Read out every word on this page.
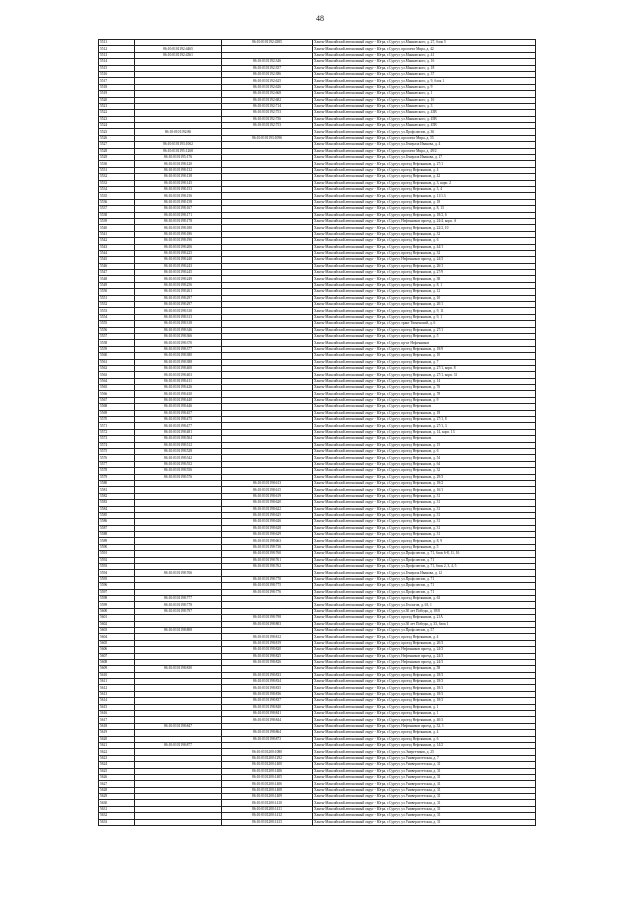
48
5511		86:10:0101192:4385	Ханты-Мансийский автономный округ - Югра, г.Сургут, ул.Маяковского, д. 27, блок 5
5512	86:10:0101192:4465		Ханты-Мансийский автономный округ - Югра, г.Сургут, проспект Мира, д. 42
5513	86:10:0101192:4361		Ханты-Мансийский автономный округ - Югра, г.Сургут, ул.Маяковского, д. 41
5514		86:10:0101192:346	Ханты-Мансийский автономный округ - Югра, г.Сургут, ул.Маяковского, д. 16
5515		86:10:0101192:357	Ханты-Мансийский автономный округ - Югра, г.Сургут, ул.Маяковского, д. 18
5516		86:10:0101192:386	Ханты-Мансийский автономный округ - Югра, г.Сургут, ул.Маяковского, д. 37
5517		86:10:0101192:625	Ханты-Мансийский автономный округ - Югра, г.Сургут, ул.Маяковского, д. 9, блок 1
5518		86:10:0101192:626	Ханты-Мансийский автономный округ - Югра, г.Сургут, ул.Маяковского, д. 9
5519		86:10:0101192:668	Ханты-Мансийский автономный округ - Югра, г.Сургут, ул.Маяковского, д. 1
5520		86:10:0101192:682	Ханты-Мансийский автономный округ - Югра, г.Сургут, ул.Маяковского, д. 16
5521		86:10:0101192:714	Ханты-Мансийский автономный округ - Югра, г.Сургут, ул.Маяковского, д. 3
5522		86:10:0101192:753	Ханты-Мансийский автономный округ - Югра, г.Сургут, ул.Маяковского, д. 43В
5523		86:10:0101192:756	Ханты-Мансийский автономный округ - Югра, г.Сургут, ул.Маяковского, д. 45В
5524		86:10:0101192:753	Ханты-Мансийский автономный округ - Югра, г.Сургут, ул.Маяковского, д. 45В
5525	86:10:0101192:86		Ханты-Мансийский автономный округ - Югра, г.Сургут, ул.Профсоюзов, д. 36
5526		86:10:0101193:1096	Ханты-Мансийский автономный округ - Югра, г.Сургут, проспект Мира, д. 55
5527	86:10:0101193:1062		Ханты-Мансийский автономный округ - Югра, г.Сургут, ул.Генерала Иванова, д. 4
5528	86:10:0101195:1268		Ханты-Мансийский автономный округ - Югра, г.Сургут, проспект Мира, д. 49/2
5529	86:10:0101195:176		Ханты-Мансийский автономный округ - Югра, г.Сургут, ул.Генерала Иванова, д. 17
5530	86:10:0101198:120		Ханты-Мансийский автономный округ - Югра, г.Сургут, проезд Нефтяников, д. 27/1
5531	86:10:0101198:132		Ханты-Мансийский автономный округ - Югра, г.Сургут, проезд Нефтяников, д. 4
5532	86:10:0101198:138		Ханты-Мансийский автономный округ - Югра, г.Сургут, проезд Нефтяников, д. 42
5533	86:10:0101198:145		Ханты-Мансийский автономный округ - Югра, г.Сургут, проезд Нефтяников, д. 3, корп. 2
5534	86:10:0101198:153		Ханты-Мансийский автономный округ - Югра, г.Сургут, проезд Нефтяников, д. 3, 4
5535	86:10:0101198:156		Ханты-Мансийский автономный округ - Югра, г.Сургут, проезд Нефтяников, д. 11/1.3
5536	86:10:0101198:158		Ханты-Мансийский автономный округ - Югра, г.Сургут, проезд Нефтяников, д. 18
5537	86:10:0101198:167		Ханты-Мансийский автономный округ - Югра, г.Сургут, проезд Нефтяников, д. 8, 13
5538	86:10:0101198:171		Ханты-Мансийский автономный округ - Югра, г.Сургут, проезд Нефтяников, д. 18/2, 6
5539	86:10:0101198:178		Ханты-Мансийский автономный округ - Югра, г.Сургут, Нефтяников проезд, д. 24/4, корп. А
5540	86:10:0101198:180		Ханты-Мансийский автономный округ - Югра, г.Сургут, проезд Нефтяников, д. 22/2, 10
5541	86:10:0101198:186		Ханты-Мансийский автономный округ - Югра, г.Сургут, проезд Нефтяников, д. 32
5542	86:10:0101198:196		Ханты-Мансийский автономный округ - Югра, г.Сургут, проезд Нефтяников, д. 6
5543	86:10:0101198:206		Ханты-Мансийский автономный округ - Югра, г.Сургут, проезд Нефтяников, д. 44/1
5544	86:10:0101198:225		Ханты-Мансийский автономный округ - Югра, г.Сургут, проезд Нефтяников, д. 32
5545	86:10:0101198:240		Ханты-Мансийский автономный округ - Югра, г.Сургут, Нефтяников проезд, д. 24/3
5546	86:10:0101198:243		Ханты-Мансийский автономный округ - Югра, г.Сургут, проезд Нефтяников, д. 26/1
5547	86:10:0101198:245		Ханты-Мансийский автономный округ - Югра, г.Сургут, проезд Нефтяников, д. 27/9
5548	86:10:0101198:249		Ханты-Мансийский автономный округ - Югра, г.Сургут, проезд Нефтяников, д. 38
5549	86:10:0101198:256		Ханты-Мансийский автономный округ - Югра, г.Сургут, проезд Нефтяников, д. 8, 1
5550	86:10:0101198:261		Ханты-Мансийский автономный округ - Югра, г.Сургут, проезд Нефтяников, д. 12
5551	86:10:0101198:297		Ханты-Мансийский автономный округ - Югра, г.Сургут, проезд Нефтяников, д. 10
5552	86:10:0101198:297		Ханты-Мансийский автономный округ - Югра, г.Сургут, проезд Нефтяников, д. 20/1
5553	86:10:0101198:310		Ханты-Мансийский автономный округ - Югра, г.Сургут, проезд Нефтяников, д. 9, 11
5554	86:10:0101198:313		Ханты-Мансийский автономный округ - Югра, г.Сургут, проезд Нефтяников, д. 9, 1
5555	86:10:0101198:318		Ханты-Мансийский автономный округ - Югра, г.Сургут, тракт Тюменский, д. 6
5556	86:10:0101198:346		Ханты-Мансийский автономный округ - Югра, г.Сургут, проезд Нефтяников, д. 27/1
5557	86:10:0101198:366		Ханты-Мансийский автономный округ - Югра, г.Сургут, проезд Нефтяников, д. 5
5558	86:10:0101198:370		Ханты-Мансийский автономный округ - Югра, г.Сургут, пр-кт Нефтяников
5559	86:10:0101198:377		Ханты-Мансийский автономный округ - Югра, г.Сургут, проезд Нефтяников, д. 18/9
5560	86:10:0101198:380		Ханты-Мансийский автономный округ - Югра, г.Сургут, проезд Нефтяников, д. 10
5561	86:10:0101198:388		Ханты-Мансийский автономный округ - Югра, г.Сургут, проезд Нефтяников, д. 7
5562	86:10:0101198:400		Ханты-Мансийский автономный округ - Югра, г.Сургут, проезд Нефтяников, д. 27/1, корп. 8
5563	86:10:0101198:403		Ханты-Мансийский автономный округ - Югра, г.Сургут, проезд Нефтяников, д. 27/1, корп. 31
5564	86:10:0101198:411		Ханты-Мансийский автономный округ - Югра, г.Сургут, проезд Нефтяников, д. 14
5565	86:10:0101198:426		Ханты-Мансийский автономный округ - Югра, г.Сургут, проезд Нефтяников, д. 76
5566	86:10:0101198:430		Ханты-Мансийский автономный округ - Югра, г.Сургут, проезд Нефтяников, д. 78
5567	86:10:0101198:440		Ханты-Мансийский автономный округ - Югра, г.Сургут, проезд Нефтяников, д. 9
5568	86:10:0101198:446		Ханты-Мансийский автономный округ - Югра, г.Сургут, проезд Нефтяников
5569	86:10:0101198:457		Ханты-Мансийский автономный округ - Югра, г.Сургут, проезд Нефтяников, д. 18
5570	86:10:0101198:475		Ханты-Мансийский автономный округ - Югра, г.Сургут, проезд Нефтяников, д. 27/1, 8
5571	86:10:0101198:477		Ханты-Мансийский автономный округ - Югра, г.Сургут, проезд Нефтяников, д. 27/1, 3
5572	86:10:0101198:481		Ханты-Мансийский автономный округ - Югра, г.Сургут, проезд Нефтяников, д. 14, корп. 13
5573	86:10:0101198:504		Ханты-Мансийский автономный округ - Югра, г.Сургут, проезд Нефтяников
5574	86:10:0101198:512		Ханты-Мансийский автономный округ - Югра, г.Сургут, проезд Нефтяников, д. 15
5575	86:10:0101198:528		Ханты-Мансийский автономный округ - Югра, г.Сургут, проезд Нефтяников, д. 6
5576	86:10:0101198:542		Ханты-Мансийский автономный округ - Югра, г.Сургут, проезд Нефтяников, д. 54
5577	86:10:0101198:552		Ханты-Мансийский автономный округ - Югра, г.Сургут, проезд Нефтяников, д. 64
5578	86:10:0101198:556		Ханты-Мансийский автономный округ - Югра, г.Сургут, проезд Нефтяников, д. 32
5579	86:10:0101198:576		Ханты-Мансийский автономный округ - Югра, г.Сургут, проезд Нефтяников, д. 29/3
5580		86:10:0101198:613	Ханты-Мансийский автономный округ - Югра, г.Сургут, проезд Нефтяников, д. 18/2
5581		86:10:0101198:615	Ханты-Мансийский автономный округ - Югра, г.Сургут, проезд Нефтяников, д. 16/1
5582		86:10:0101198:619	Ханты-Мансийский автономный округ - Югра, г.Сургут, проезд Нефтяников, д. 31
5583		86:10:0101198:620	Ханты-Мансийский автономный округ - Югра, г.Сургут, проезд Нефтяников, д. 31
5584		86:10:0101198:622	Ханты-Мансийский автономный округ - Югра, г.Сургут, проезд Нефтяников, д. 31
5585		86:10:0101198:625	Ханты-Мансийский автономный округ - Югра, г.Сургут, проезд Нефтяников, д. 31
5586		86:10:0101198:626	Ханты-Мансийский автономный округ - Югра, г.Сургут, проезд Нефтяников, д. 31
5587		86:10:0101198:628	Ханты-Мансийский автономный округ - Югра, г.Сургут, проезд Нефтяников, д. 31
5588		86:10:0101198:629	Ханты-Мансийский автономный округ - Югра, г.Сургут, проезд Нефтяников, д. 31
5589		86:10:0101198:663	Ханты-Мансийский автономный округ - Югра, г.Сургут, проезд Нефтяников, д. 8, 9
5590		86:10:0101198:736	Ханты-Мансийский автономный округ - Югра, г.Сургут, проезд Нефтяников, д. 5
5591		86:10:0101198:760	Ханты-Мансийский автономный округ - Югра, г.Сургут, ул.Профсоюзов, д. 71, блок 6-8, 11, 16
5592		86:10:0101198:761	Ханты-Мансийский автономный округ - Югра, г.Сургут, ул.Профсоюзов, д. 71
5593		86:10:0101198:762	Ханты-Мансийский автономный округ - Югра, г.Сургут, ул.Профсоюзов, д. 71, блок 2, 3, 4, 5
5594	86:10:0101198:766		Ханты-Мансийский автономный округ - Югра, г.Сургут, ул.Генерала Иванова, д. 12
5595		86:10:0101198:770	Ханты-Мансийский автономный округ - Югра, г.Сургут, ул.Профсоюзов, д. 71
5596		86:10:0101198:775	Ханты-Мансийский автономный округ - Югра, г.Сургут, ул.Профсоюзов, д. 71
5597		86:10:0101198:776	Ханты-Мансийский автономный округ - Югра, г.Сургут, ул.Профсоюзов, д. 71
5598	86:10:0101198:777		Ханты-Мансийский автономный округ - Югра, г.Сургут, проезд Нефтяников, д. 63
5599	86:10:0101198:778		Ханты-Мансийский автономный округ - Югра, г.Сургут, ул.Геологов, д. 63, 1
5600	86:10:0101198:797		Ханты-Мансийский автономный округ - Югра, г.Сургут, ул.30 лет Победы, д. 18/8
5601		86:10:0101198:798	Ханты-Мансийский автономный округ - Югра, г.Сургут, проезд Нефтяников, д. 21А
5602		86:10:0101198:803	Ханты-Мансийский автономный округ - Югра, г.Сургут, ул.30 лет Победы, д. 33, блок 1
5603	86:10:0101198:808		Ханты-Мансийский автономный округ - Югра, г.Сургут, ул.Профсоюзов, д. 57
5604		86:10:0101198:812	Ханты-Мансийский автономный округ - Югра, г.Сургут, проезд Нефтяников, д. 4
5605		86:10:0101198:819	Ханты-Мансийский автономный округ - Югра, г.Сургут, проезд Нефтяников, д. 20/3
5606		86:10:0101198:820	Ханты-Мансийский автономный округ - Югра, г.Сургут, Нефтяников проезд, д. 24/3
5607		86:10:0101198:825	Ханты-Мансийский автономный округ - Югра, г.Сургут, Нефтяников проезд, д. 24/3
5608		86:10:0101198:826	Ханты-Мансийский автономный округ - Югра, г.Сургут, Нефтяников проезд, д. 24/3
5609	86:10:0101198:830		Ханты-Мансийский автономный округ - Югра, г.Сургут, проезд Нефтяников, д. 58
5610		86:10:0101198:833	Ханты-Мансийский автономный округ - Югра, г.Сургут, проезд Нефтяников, д. 18/3
5611		86:10:0101198:834	Ханты-Мансийский автономный округ - Югра, г.Сургут, проезд Нефтяников, д. 18/3
5612		86:10:0101198:835	Ханты-Мансийский автономный округ - Югра, г.Сургут, проезд Нефтяников, д. 18/3
5613		86:10:0101198:836	Ханты-Мансийский автономный округ - Югра, г.Сургут, проезд Нефтяников, д. 18/3
5614		86:10:0101198:837	Ханты-Мансийский автономный округ - Югра, г.Сургут, проезд Нефтяников, д. 18/3
5615		86:10:0101198:840	Ханты-Мансийский автономный округ - Югра, г.Сургут, проезд Нефтяников, д. 1
5616		86:10:0101198:841	Ханты-Мансийский автономный округ - Югра, г.Сургут, проезд Нефтяников, д. 1
5617		86:10:0101198:844	Ханты-Мансийский автономный округ - Югра, г.Сургут, проезд Нефтяников, д. 40/3
5618	86:10:0101198:847		Ханты-Мансийский автономный округ - Югра, г.Сургут, Нефтяников проезд, д. 32, 1
5619		86:10:0101198:864	Ханты-Мансийский автономный округ - Югра, г.Сургут, проезд Нефтяников, д. 4
5620		86:10:0101198:873	Ханты-Мансийский автономный округ - Югра, г.Сургут, проезд Нефтяников, д. 6
5621	86:10:0101198:877		Ханты-Мансийский автономный округ - Югра, г.Сургут, проезд Нефтяников, д. 14/2
5622		86:10:0101200:1080	Ханты-Мансийский автономный округ - Югра, г.Сургут, ул.Энергетиков, д. 25
5623		86:10:0101200:1292	Ханты-Мансийский автономный округ - Югра, г.Сургут, ул.Университетская, д. 7
5624		86:10:0101200:1400	Ханты-Мансийский автономный округ - Югра, г.Сургут, ул.Университетская, д. 31
5625		86:10:0101200:1406	Ханты-Мансийский автономный округ - Югра, г.Сургут, ул.Университетская, д. 31
5626		86:10:0101200:1405	Ханты-Мансийский автономный округ - Югра, г.Сургут, ул.Университетская, д. 31
5627		86:10:0101200:1406	Ханты-Мансийский автономный округ - Югра, г.Сургут, ул.Университетская, д. 31
5628		86:10:0101200:1408	Ханты-Мансийский автономный округ - Югра, г.Сургут, ул.Университетская, д. 31
5629		86:10:0101200:1409	Ханты-Мансийский автономный округ - Югра, г.Сургут, ул.Университетская, д. 31
5630		86:10:0101200:1410	Ханты-Мансийский автономный округ - Югра, г.Сургут, ул.Университетская, д. 31
5631		86:10:0101200:1411	Ханты-Мансийский автономный округ - Югра, г.Сургут, ул.Университетская, д. 31
5632		86:10:0101200:1412	Ханты-Мансийский автономный округ - Югра, г.Сургут, ул.Университетская, д. 31
5633		86:10:0101200:1413	Ханты-Мансийский автономный округ - Югра, г.Сургут, ул.Университетская, д. 31
